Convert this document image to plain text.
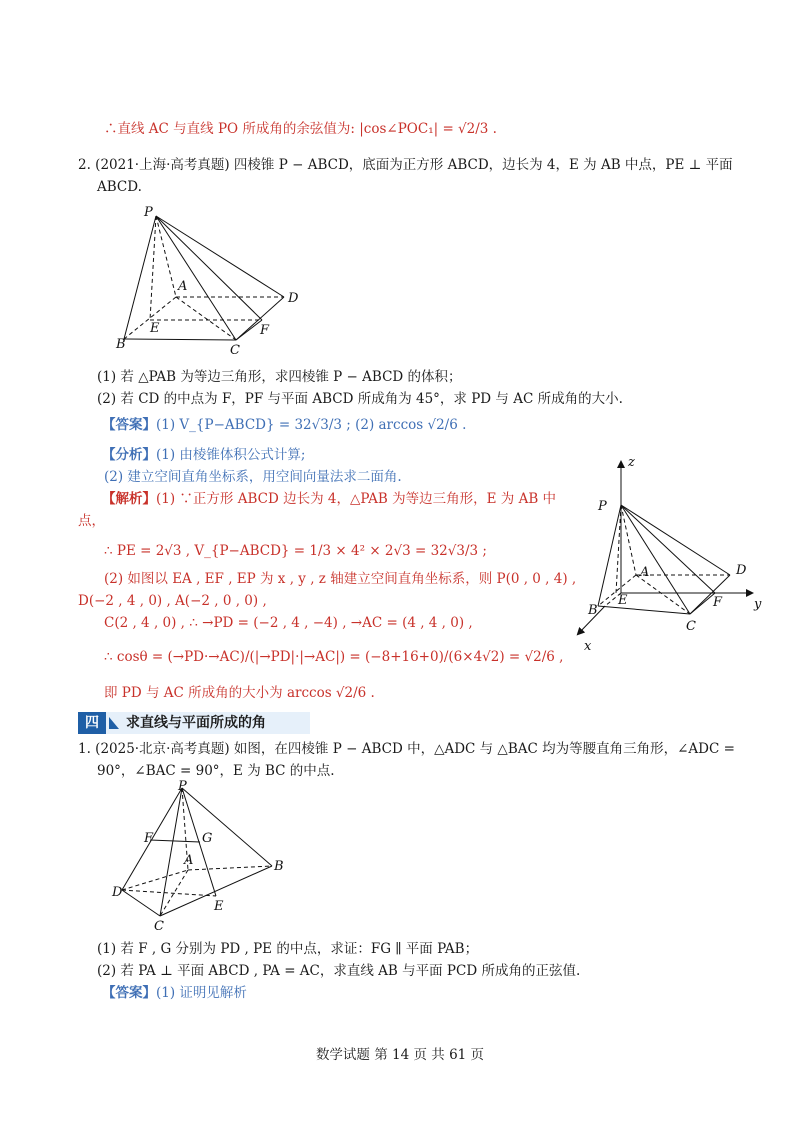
∴直线 AC 与直线 PO 所成角的余弦值为: |cos∠POC₁| = √2/3 .
2. (2021·上海·高考真题) 四棱锥 P − ABCD，底面为正方形 ABCD，边长为 4，E 为 AB 中点，PE ⊥ 平面
ABCD.
P
A
D
E	F
B	C
(1) 若 △PAB 为等边三角形，求四棱锥 P − ABCD 的体积；
(2) 若 CD 的中点为 F，PF 与平面 ABCD 所成角为 45°，求 PD 与 AC 所成角的大小.
【答案】(1) V_{P−ABCD} = 32√3/3 ; (2) arccos √2/6 .
【分析】(1) 由棱锥体积公式计算;
(2) 建立空间直角坐标系，用空间向量法求二面角.
【解析】(1) ∵正方形 ABCD 边长为 4，△PAB 为等边三角形，E 为 AB 中
点，
∴ PE = 2√3 , V_{P−ABCD} = 1/3 × 4² × 2√3 = 32√3/3 ;
(2) 如图以 EA , EF , EP 为 x , y , z 轴建立空间直角坐标系，则 P(0 , 0 , 4) ,
D(−2 , 4 , 0) , A(−2 , 0 , 0) ,
C(2 , 4 , 0) , ∴ →PD = (−2 , 4 , −4) , →AC = (4 , 4 , 0) ,
∴ cosθ = (→PD·→AC)/(|→PD|·|→AC|) = (−8+16+0)/(6×4√2) = √2/6 ,
即 PD 与 AC 所成角的大小为 arccos √2/6 .
z
P
A	D
E	F
B
C
y
x
四	求直线与平面所成的角
1. (2025·北京·高考真题) 如图，在四棱锥 P − ABCD 中，△ADC 与 △BAC 均为等腰直角三角形，∠ADC =
90°，∠BAC = 90°，E 为 BC 的中点.
P
F	G
A	B
D
E
C
(1) 若 F , G 分别为 PD , PE 的中点，求证：FG ∥ 平面 PAB；
(2) 若 PA ⊥ 平面 ABCD , PA = AC，求直线 AB 与平面 PCD 所成角的正弦值.
【答案】(1) 证明见解析
数学试题 第 14 页 共 61 页
